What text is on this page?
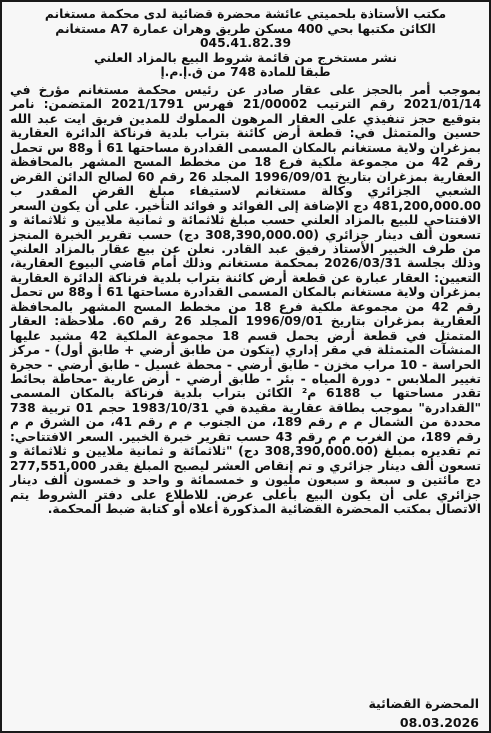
مكتب الأستاذة بلحميتي عائشة محضرة قضائية لدى محكمة مستغانم
الكائن مكتبها بحي 400 مسكن طريق وهران عمارة A7 مستغانم
045.41.82.39
نشر مستخرج من قائمة شروط البيع بالمزاد العلني
طبقا للمادة 748 من ق.إ.م.إ
بموجب أمر بالحجز على عقار صادر عن رئيس محكمة مستغانم مؤرخ في 2021/01/14 رقم الترتيب 21/00002 فهرس 2021/1791 المتضمن: نامر بتوقيع حجز تنفيذي على العقار المرهون المملوك للمدين فريق ايت عبد الله حسين والمتمثل في: قطعة أرض كائنة بتراب بلدية فرناكة الدائرة العقارية بمزغران ولاية مستغانم بالمكان المسمى القدادرة مساحتها 61 أ و88 س تحمل رقم 42 من مجموعة ملكية فرع 18 من مخطط المسح المشهر بالمحافظة العقارية بمزغران بتاريخ 1996/09/01 المجلد 26 رقم 60 لصالح الدائن القرض الشعبي الجزائري وكالة مستغانم لاستيفاء مبلغ القرض المقدر ب 481,200,000.00 دج الإضافة إلى الفوائد و فوائد التأخير. على أن يكون السعر الافتتاحي للبيع بالمزاد العلني حسب مبلغ ثلاثمائة و ثمانية ملايين و ثلاثمائة و تسعون ألف دينار جزائري (308,390,000.00 دج) حسب تقرير الخبرة المنجز من طرف الخبير الأستاذ رفيق عبد القادر. نعلن عن بيع عقار بالمزاد العلني وذلك بجلسة 2026/03/31 بمحكمة مستغانم وذلك أمام قاضي البيوع العقارية، التعيين: العقار عبارة عن قطعة أرض كائنة بتراب بلدية فرناكة الدائرة العقارية بمزغران ولاية مستغانم بالمكان المسمى القدادرة مساحتها 61 أ و88 س تحمل رقم 42 من مجموعة ملكية فرع 18 من مخطط المسح المشهر بالمحافظة العقارية بمزغران بتاريخ 1996/09/01 المجلد 26 رقم 60. ملاحظة: العقار المتمثل في قطعة أرض يحمل قسم 18 مجموعة الملكية 42 مشيد عليها المنشآت المتمثلة في مقر إداري (يتكون من طابق أرضي + طابق أول) - مركز الحراسة - 10 مراب مخزن - طابق أرضي - محطة غسيل - طابق أرضي - حجرة تغيير الملابس - دورة المياه - بئر - طابق أرضي - أرض عارية -محاطة بحائط تقدر مساحتها ب 6188 م² الكائن بتراب بلدية فرناكة بالمكان المسمى "القدادرة" بموجب بطاقة عقارية مقيدة في 1983/10/31 حجم 01 تربية 738 محددة من الشمال م م رقم 189، من الجنوب م م رقم 41، من الشرق م م رقم 189، من الغرب م م رقم 43 حسب تقرير خبرة الخبير. السعر الافتتاحي: تم تقديره بمبلغ (308,390,000.00 دج) "ثلاثمائة و ثمانية ملايين و ثلاثمائة و تسعون ألف دينار جزائري و تم إنقاص العشر ليصبح المبلغ يقدر 277,551,000 دج مائتين و سبعة و سبعون مليون و خمسمائة و واحد و خمسون ألف دينار جزائري على أن يكون البيع بأعلى عرض. للاطلاع على دفتر الشروط يتم الاتصال بمكتب المحضرة القضائية المذكورة أعلاه أو كتابة ضبط المحكمة.
المحضرة القضائية
08.03.2026
